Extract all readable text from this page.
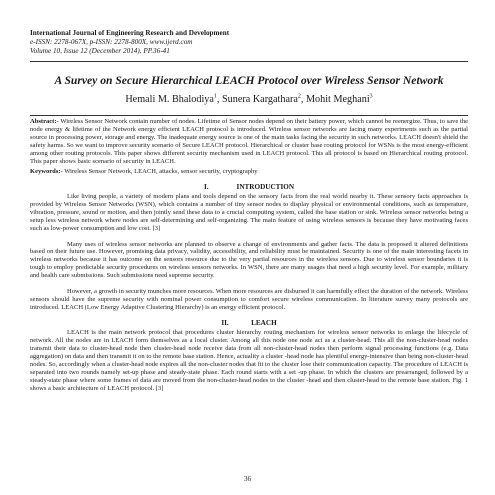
International Journal of Engineering Research and Development

e-ISSN: 2278-067X, p-ISSN: 2278-800X, www.ijerd.com

Volume 10, Issue 12 (December 2014), PP.36-41

A Survey on Secure Hierarchical LEACH Protocol over Wireless Sensor Network

Hemali M. Bhalodiya$^1$, Sunera Kargathara$^2$, Mohit Meghani$^3$

Abstract:- Wireless Sensor Network contain number of nodes. Lifetime of Sensor nodes depend on their battery power, which cannot be reenergize. Thus, to save the node energy & lifetime of the Network energy efficient LEACH protocol is introduced. Wireless sensor networks are facing many experiments such as the partial source in processing power, storage and energy. The inadequate energy source is one of the main tasks facing the security in such networks. LEACH doesn't shield the safety harms. So we want to improve security scenario of Secure LEACH protocol. Hierarchical or cluster base routing protocol for WSNs is the most energy-efficient among other routing protocols. This paper shows different security mechanism used in LEACH protocol. This all protocol is based on Hierarchical routing protocol. This paper shows basic scenario of security in LEACH.

Keywords:- Wireless Sensor Network, LEACH, attacks, sensor security, cryptography

I.          INTRODUCTION

Like living people, a variety of modern plans and tools depend on the sensory facts from the real world nearby it. These sensory facts approaches is provided by Wireless Sensor Networks (WSN), which contains a number of tiny sensor nodes to display physical or environmental conditions, such as temperature, vibration, pressure, sound or motion, and then jointly send these data to a crucial computing system, called the base station or sink. Wireless sensor networks being a setup less wireless network where nodes are self-determining and self-organizing. The main feature of using wireless sensors is because they have motivating faces such as low-power consumption and low cost. [3]

Many uses of wireless sensor networks are planned to observe a change of environments and gather facts. The data is proposed it altered definitions based on their future use. However, promising data privacy, validity, accessibility, and reliability must be maintained. Security is one of the main interesting facets in wireless networks because it has outcome on the sensors resource due to the very partial resources in the wireless sensors. Due to wireless sensor boundaries it is tough to employ predictable security procedures on wireless sensors networks. In WSN, there are many usages that need a high security level. For example, military and health care submissions. Such submissions need supreme security.

However, a growth in security munches more resources. When more resources are disbursed it can harmfully effect the duration of the network. Wireless sensors should have the supreme security with nominal power consumption to comfort secure wireless communication. In literature survey many protocols are introduced. LEACH (Low Energy Adaptive Clustering Hierarchy) is an energy efficient protocol.

II.        LEACH

LEACH is the main network protocol that procedures cluster hierarchy routing mechanism for wireless sensor networks to enlarge the lifecycle of network. All the nodes are in LEACH form themselves as a local cluster. Among all this node one node act as a cluster-head. This all the non-cluster-head nodes transmit their data to cluster-head node then cluster-head node receive data from all non-cluster-head nodes then perform signal processing functions (e.g. Data aggregation) on data and then transmit it on to the remote base station. Hence, actuality a cluster -head node has plentiful energy-intensive than being non-cluster-head nodes. So, accordingly when a cluster-head node expires all the non-cluster nodes that fit to the cluster lose their communication capacity. The procedure of LEACH is separated into two rounds namely set-up phase and steady-state phase. Each round starts with a set -up phase. In which the clusters are prearranged, followed by a steady-state phase where some frames of data are moved from the non-cluster-head nodes to the cluster -head and then cluster-head to the remote base station. Fig. 1 shows a basic architecture of LEACH protocol. [3]

36
